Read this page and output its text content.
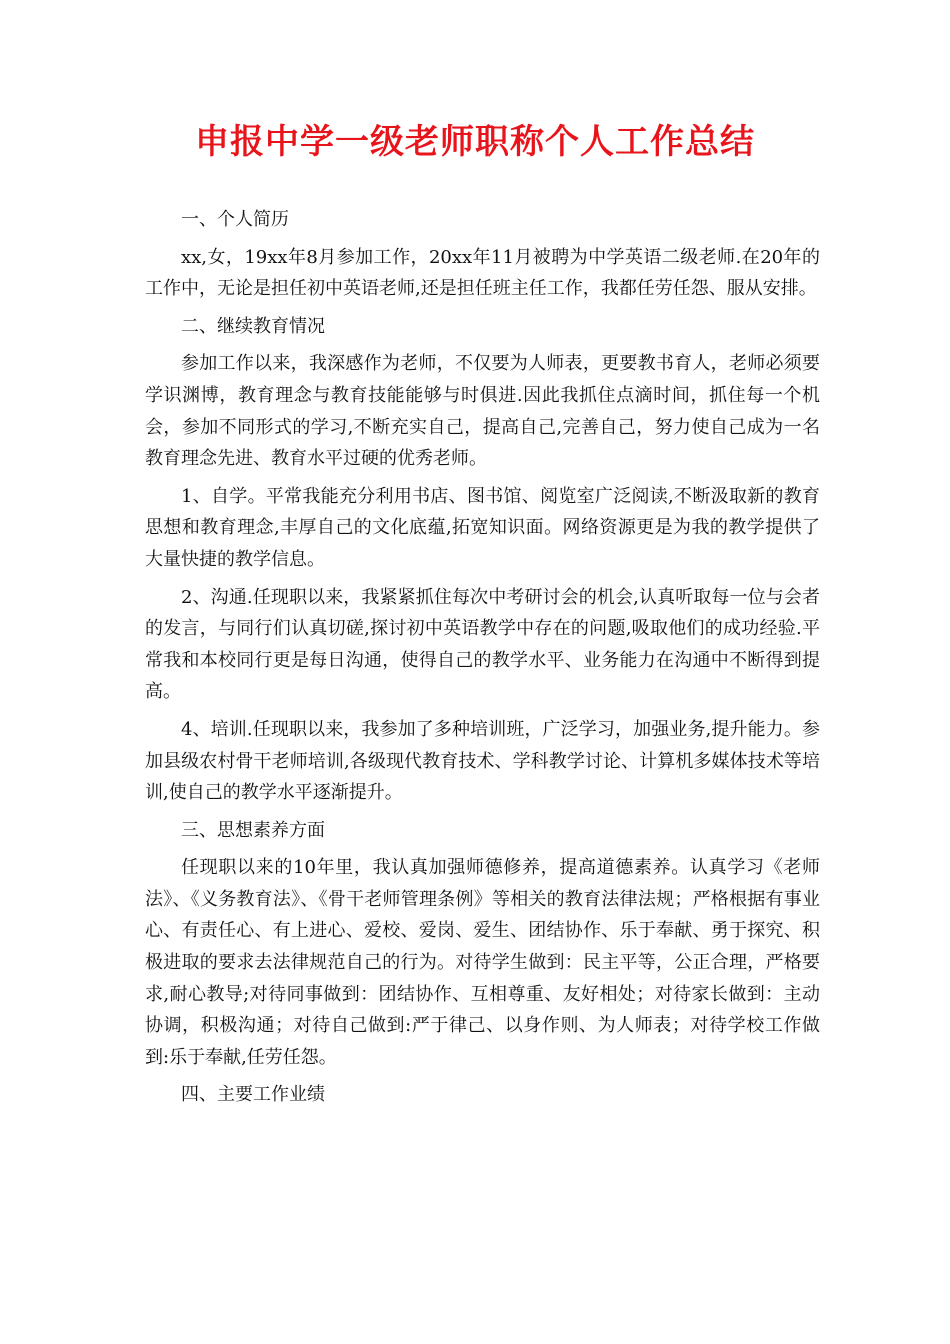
申报中学一级老师职称个人工作总结

一、个人简历

xx,女，19xx年8月参加工作，20xx年11月被聘为中学英语二级老师.在20年的工作中，无论是担任初中英语老师,还是担任班主任工作，我都任劳任怨、服从安排。

二、继续教育情况

参加工作以来，我深感作为老师，不仅要为人师表，更要教书育人，老师必须要学识渊博，教育理念与教育技能能够与时俱进.因此我抓住点滴时间，抓住每一个机会，参加不同形式的学习,不断充实自己，提高自己,完善自己，努力使自己成为一名教育理念先进、教育水平过硬的优秀老师。

1、自学。平常我能充分利用书店、图书馆、阅览室广泛阅读,不断汲取新的教育思想和教育理念,丰厚自己的文化底蕴,拓宽知识面。网络资源更是为我的教学提供了大量快捷的教学信息。

2、沟通.任现职以来，我紧紧抓住每次中考研讨会的机会,认真听取每一位与会者的发言，与同行们认真切磋,探讨初中英语教学中存在的问题,吸取他们的成功经验.平常我和本校同行更是每日沟通，使得自己的教学水平、业务能力在沟通中不断得到提高。

4、培训.任现职以来，我参加了多种培训班，广泛学习，加强业务,提升能力。参加县级农村骨干老师培训,各级现代教育技术、学科教学讨论、计算机多媒体技术等培训,使自己的教学水平逐渐提升。

三、思想素养方面

任现职以来的10年里，我认真加强师德修养，提高道德素养。认真学习《老师法》、《义务教育法》、《骨干老师管理条例》等相关的教育法律法规；严格根据有事业心、有责任心、有上进心、爱校、爱岗、爱生、团结协作、乐于奉献、勇于探究、积极进取的要求去法律规范自己的行为。对待学生做到：民主平等，公正合理，严格要求,耐心教导;对待同事做到：团结协作、互相尊重、友好相处；对待家长做到：主动协调，积极沟通；对待自己做到:严于律己、以身作则、为人师表；对待学校工作做到:乐于奉献,任劳任怨。

四、主要工作业绩
